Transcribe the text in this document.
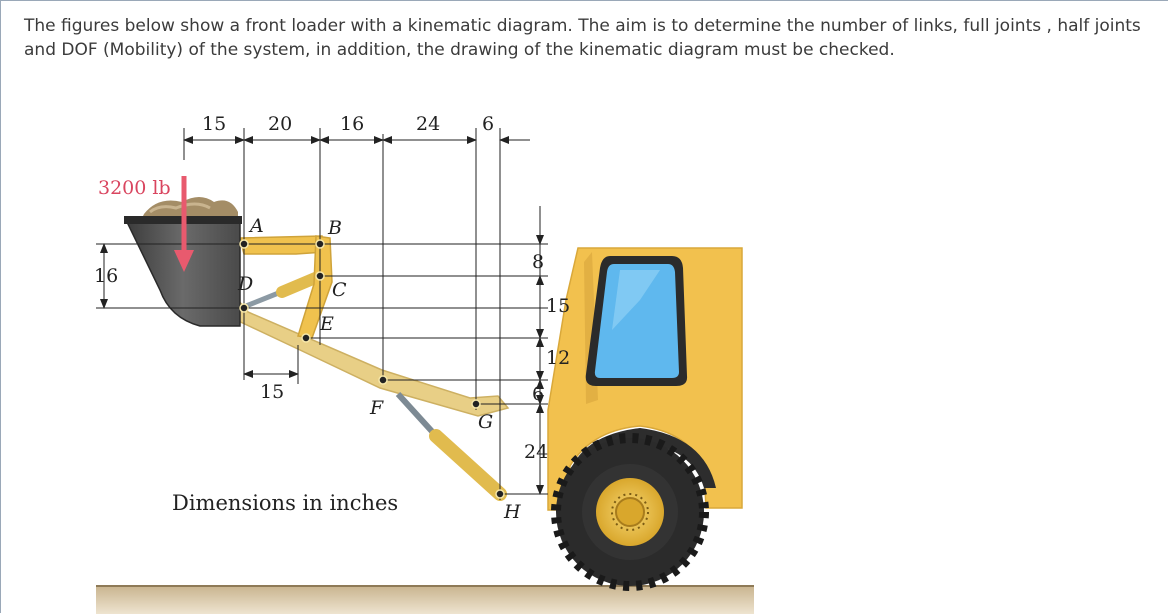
The figures below show a front loader with a kinematic diagram. The aim is to determine the number of links, full joints , half joints and DOF (Mobility) of the system, in addition, the drawing of the kinematic diagram must be checked.

3200 lb
15 20	16	24 6
8
15
12
6
24
16
15
A	B
C
D
E
F
G
H
Dimensions in inches
